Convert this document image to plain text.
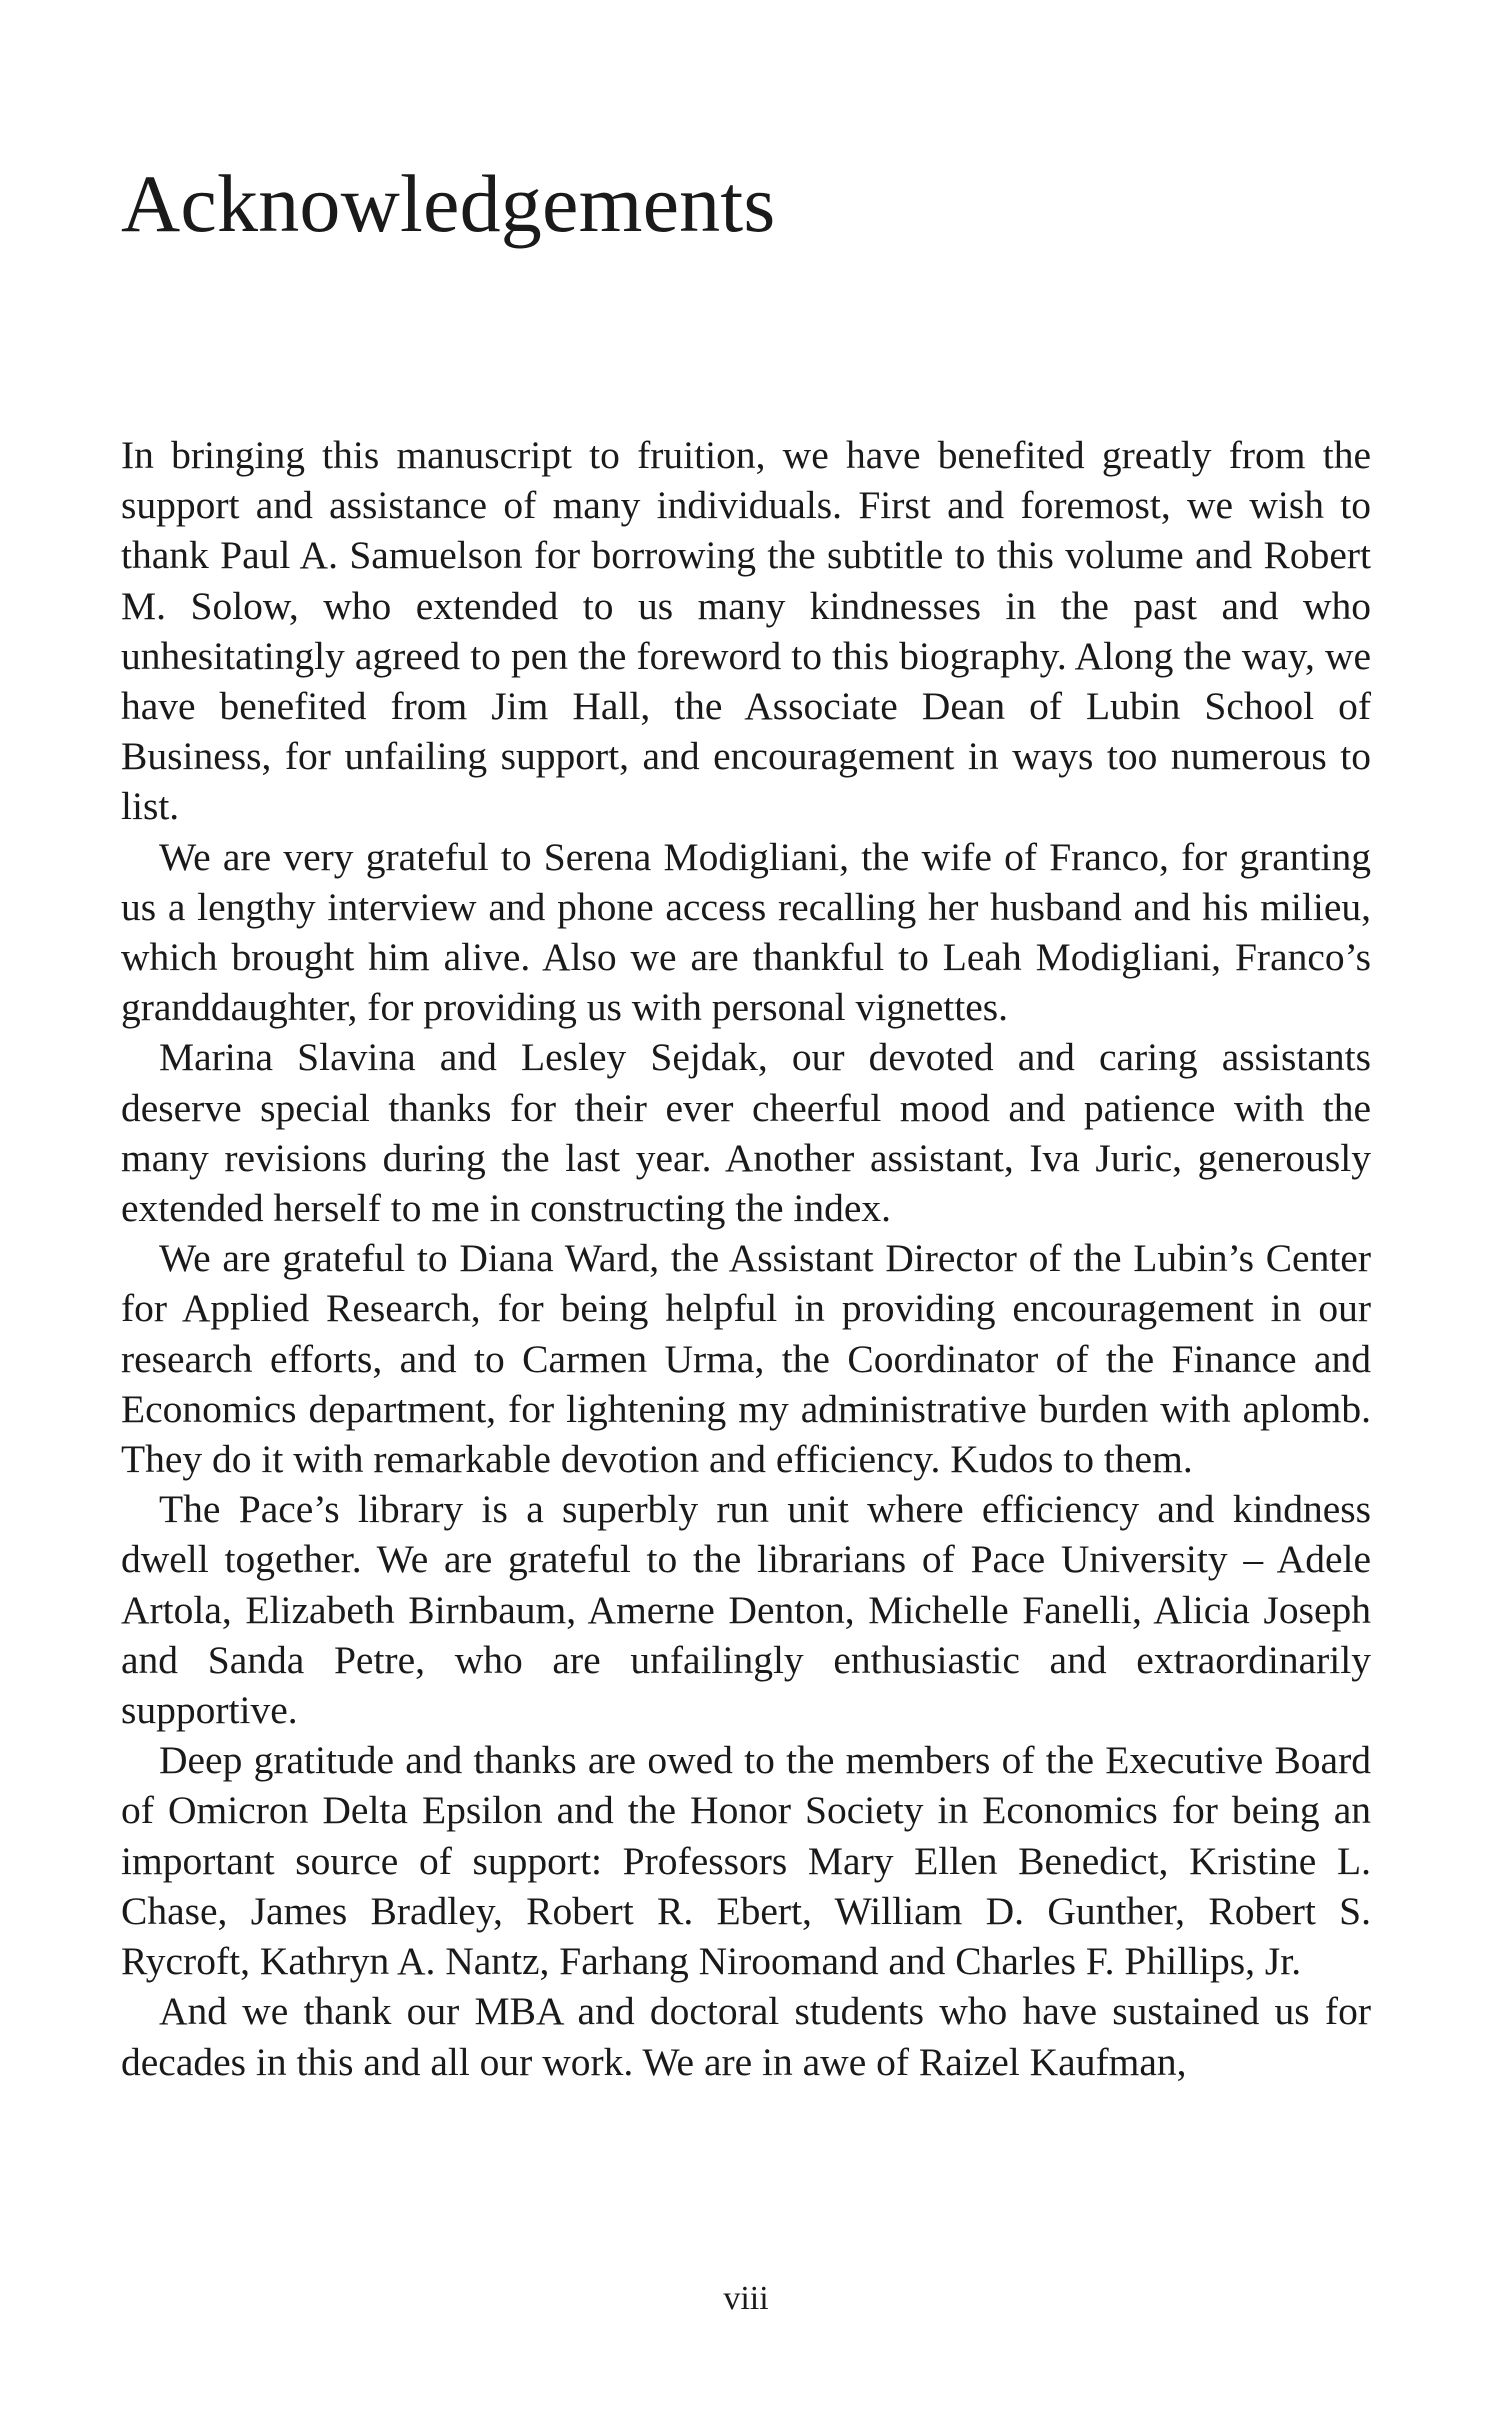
Acknowledgements

In bringing this manuscript to fruition, we have benefited greatly from the support and assistance of many individuals. First and foremost, we wish to thank Paul A. Samuelson for borrowing the subtitle to this volume and Robert M. Solow, who extended to us many kindnesses in the past and who unhesitatingly agreed to pen the foreword to this biography. Along the way, we have benefited from Jim Hall, the Associate Dean of Lubin School of Business, for unfailing support, and encouragement in ways too numerous to list.

We are very grateful to Serena Modigliani, the wife of Franco, for granting us a lengthy interview and phone access recalling her husband and his milieu, which brought him alive. Also we are thankful to Leah Modigliani, Franco’s granddaughter, for providing us with personal vignettes.

Marina Slavina and Lesley Sejdak, our devoted and caring assistants deserve special thanks for their ever cheerful mood and patience with the many revisions during the last year. Another assistant, Iva Juric, generously extended herself to me in constructing the index.

We are grateful to Diana Ward, the Assistant Director of the Lubin’s Center for Applied Research, for being helpful in providing encouragement in our research efforts, and to Carmen Urma, the Coordinator of the Finance and Economics department, for lightening my administrative burden with aplomb. They do it with remarkable devotion and efficiency. Kudos to them.

The Pace’s library is a superbly run unit where efficiency and kindness dwell together. We are grateful to the librarians of Pace University – Adele Artola, Elizabeth Birnbaum, Amerne Denton, Michelle Fanelli, Alicia Joseph and Sanda Petre, who are unfailingly enthusiastic and extraordinarily supportive.

Deep gratitude and thanks are owed to the members of the Executive Board of Omicron Delta Epsilon and the Honor Society in Economics for being an important source of support: Professors Mary Ellen Benedict, Kristine L. Chase, James Bradley, Robert R. Ebert, William D. Gunther, Robert S. Rycroft, Kathryn A. Nantz, Farhang Niroomand and Charles F. Phillips, Jr.

And we thank our MBA and doctoral students who have sustained us for decades in this and all our work. We are in awe of Raizel Kaufman,

viii
